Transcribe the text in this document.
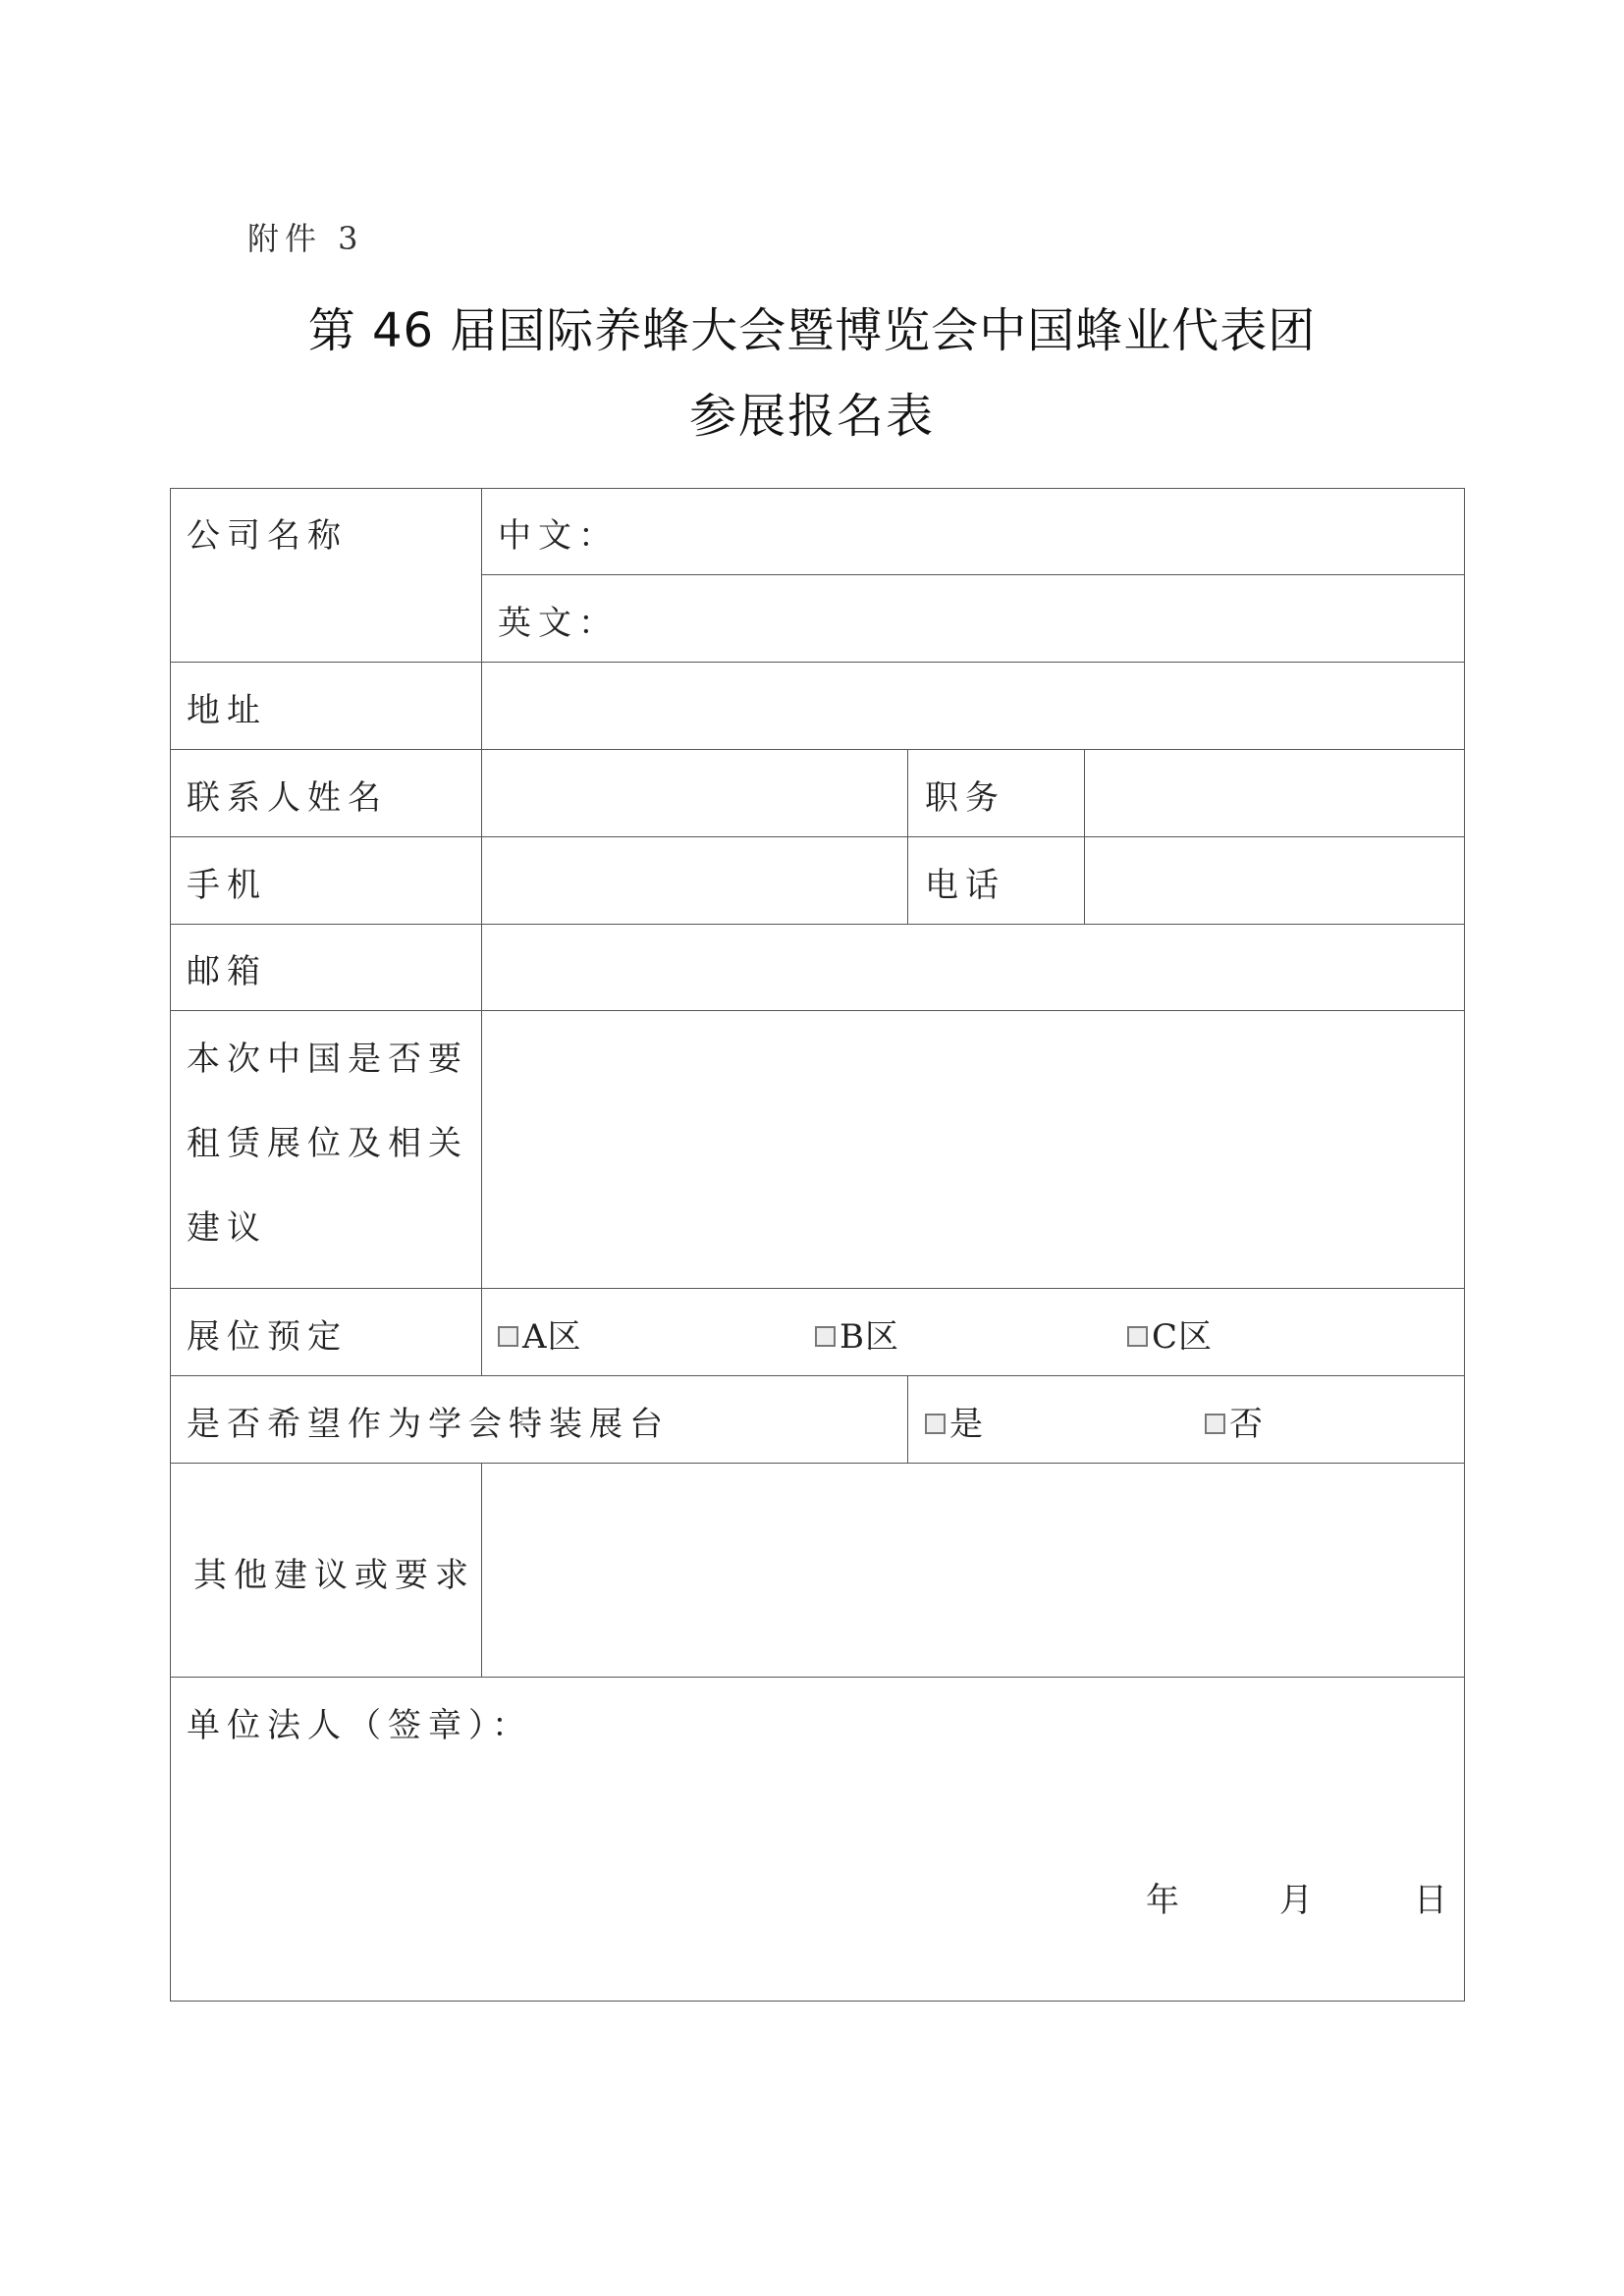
附件 3
第 46 届国际养蜂大会暨博览会中国蜂业代表团
参展报名表
公司名称	中文：
英文：
地址
联系人姓名	职务
手机	电话
邮箱
本次中国是否要
租赁展位及相关
建议
展位预定	A区	B区	C区
是否希望作为学会特装展台	是	否
其他建议或要求
单位法人（签章）：
年	月	日
